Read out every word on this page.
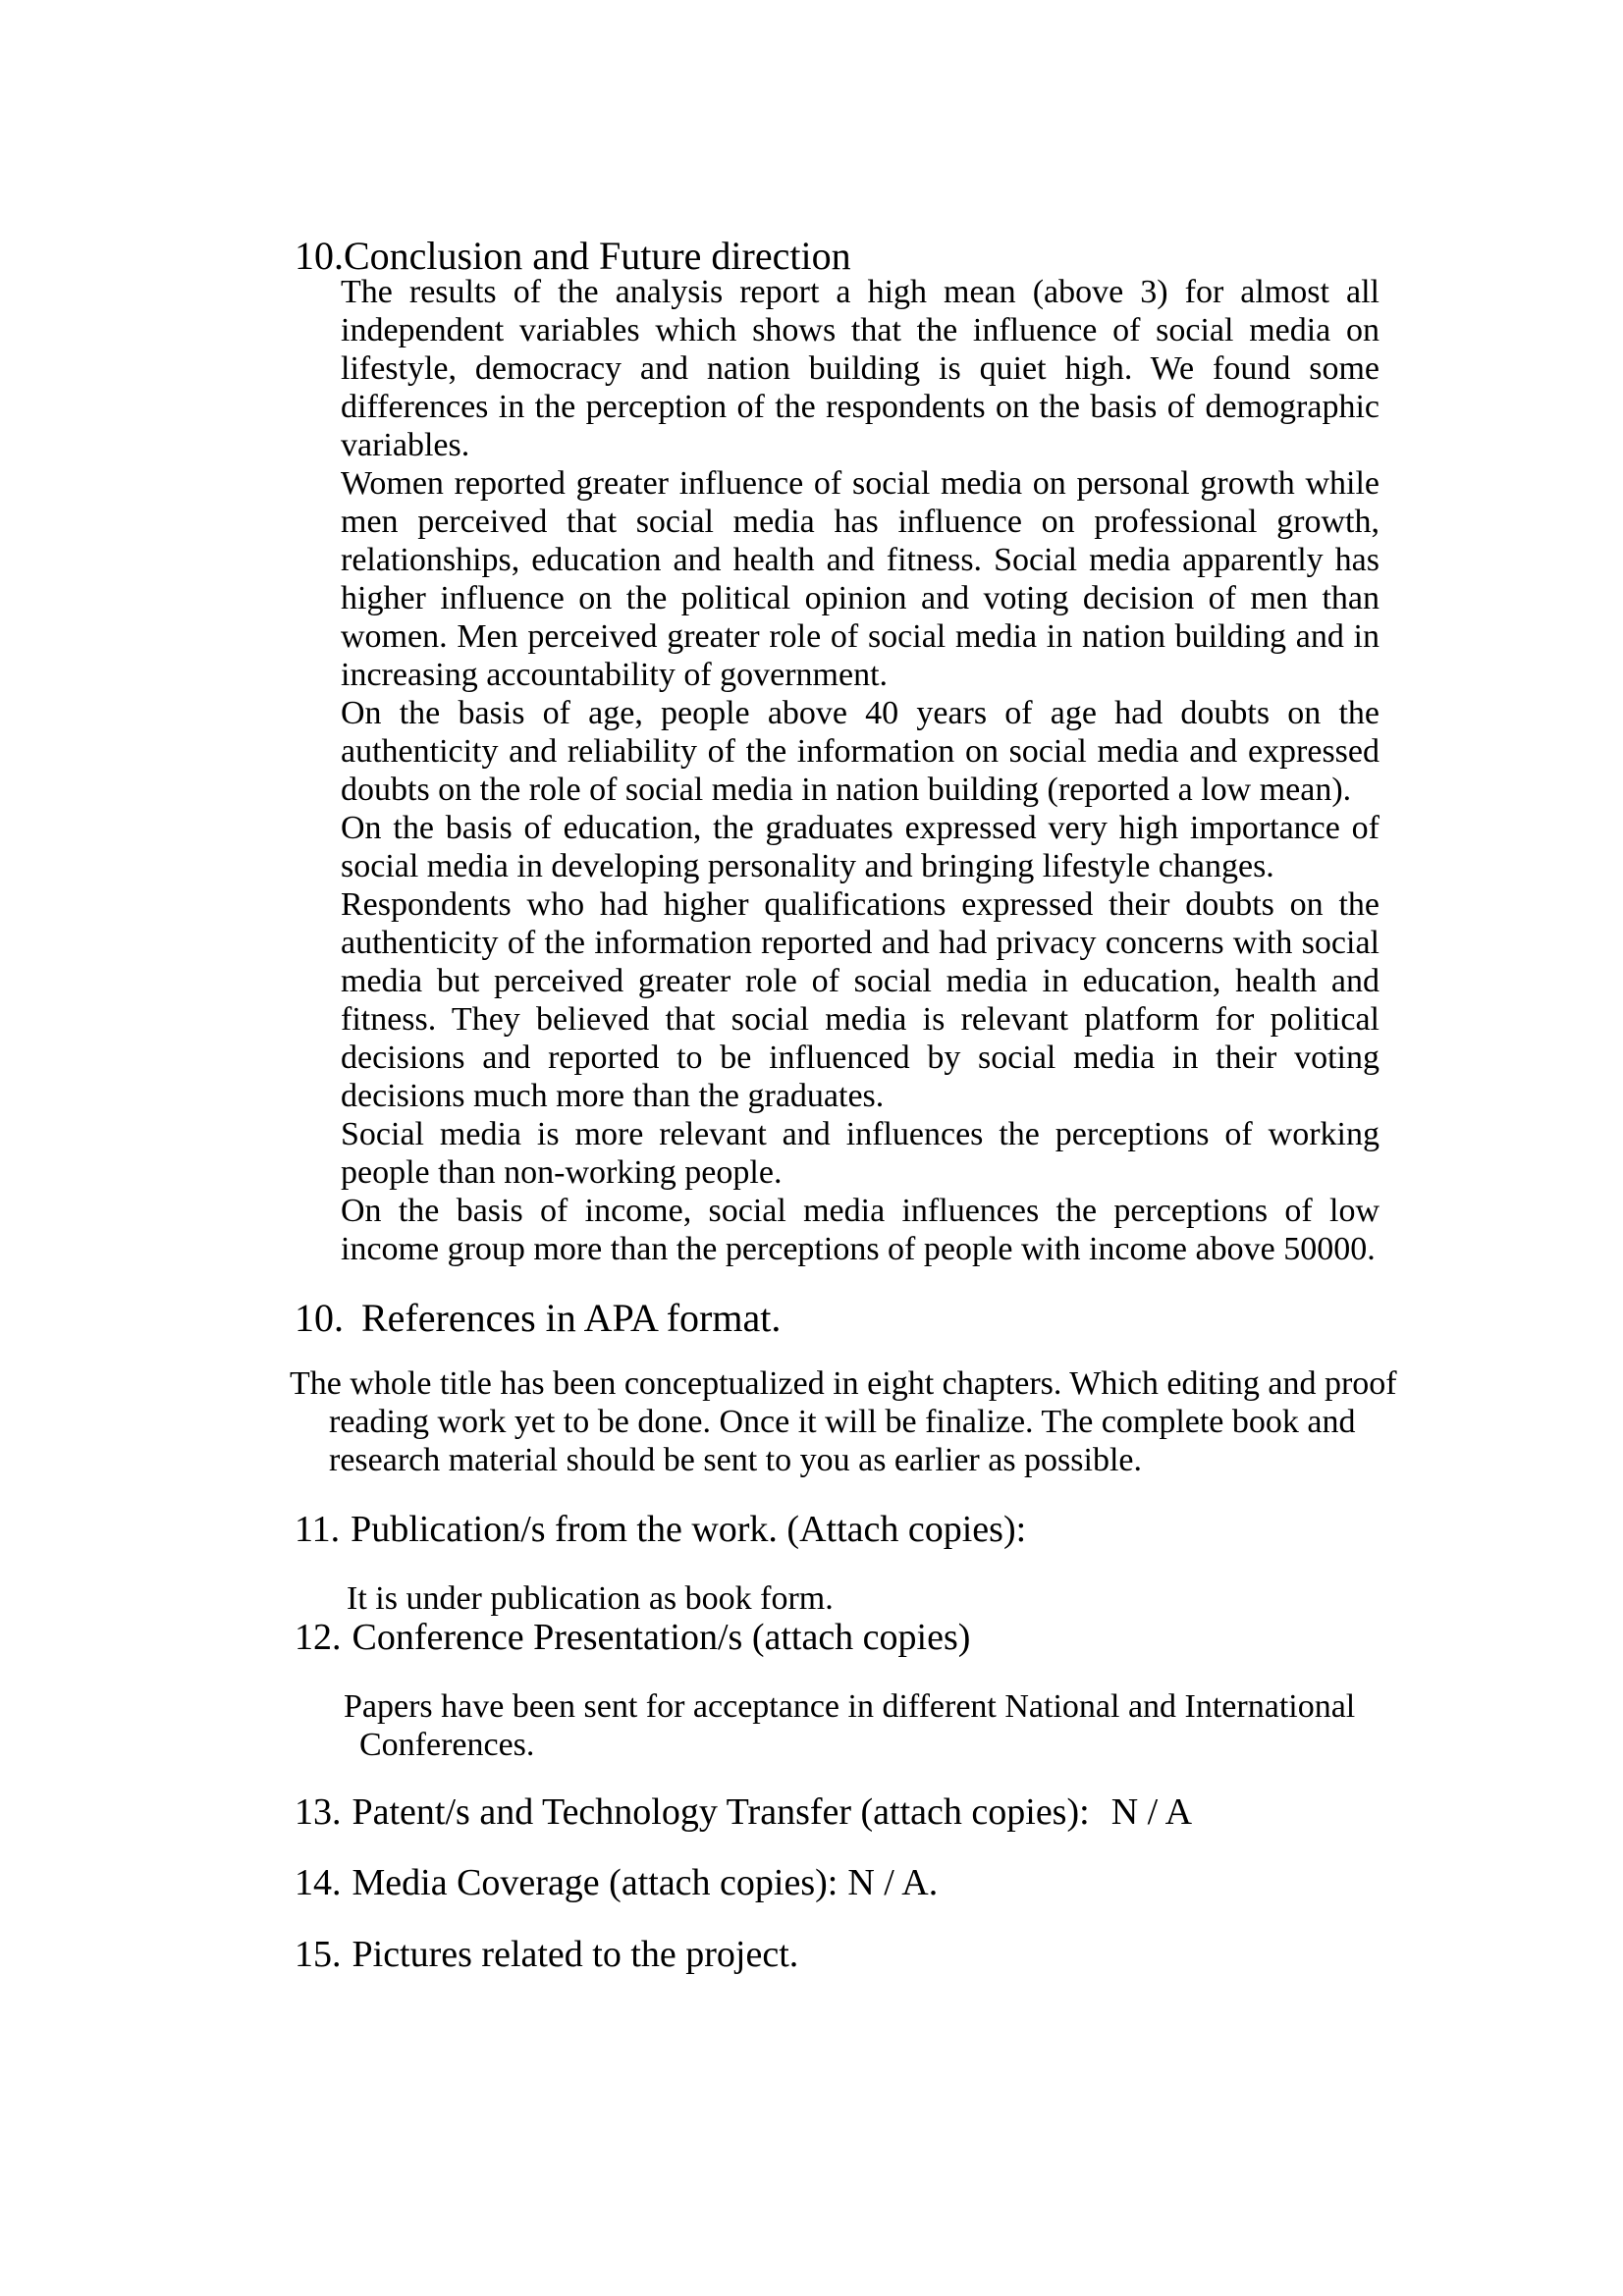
10.Conclusion and Future direction

The results of the analysis report a high mean (above 3) for almost all independent variables which shows that the influence of social media on lifestyle, democracy and nation building is quiet high. We found some differences in the perception of the respondents on the basis of demographic variables.

Women reported greater influence of social media on personal growth while men perceived that social media has influence on professional growth, relationships, education and health and fitness. Social media apparently has higher influence on the political opinion and voting decision of men than women. Men perceived greater role of social media in nation building and in increasing accountability of government.

On the basis of age, people above 40 years of age had doubts on the authenticity and reliability of the information on social media and expressed doubts on the role of social media in nation building (reported a low mean).

On the basis of education, the graduates expressed very high importance of social media in developing personality and bringing lifestyle changes.

Respondents who had higher qualifications expressed their doubts on the authenticity of the information reported and had privacy concerns with social media but perceived greater role of social media in education, health and fitness. They believed that social media is relevant platform for political decisions and reported to be influenced by social media in their voting decisions much more than the graduates.

Social media is more relevant and influences the perceptions of working people than non-working people.

On the basis of income, social media influences the perceptions of low income group more than the perceptions of people with income above 50000.

10. References in APA format.
The whole title has been conceptualized in eight chapters. Which editing and proof reading work yet to be done. Once it will be finalize. The complete book and research material should be sent to you as earlier as possible.
11. Publication/s from the work. (Attach copies):
It is under publication as book form.
12. Conference Presentation/s (attach copies)
Papers have been sent for acceptance in different National and International Conferences.
13. Patent/s and Technology Transfer (attach copies): N / A
14. Media Coverage (attach copies): N / A.
15. Pictures related to the project.
